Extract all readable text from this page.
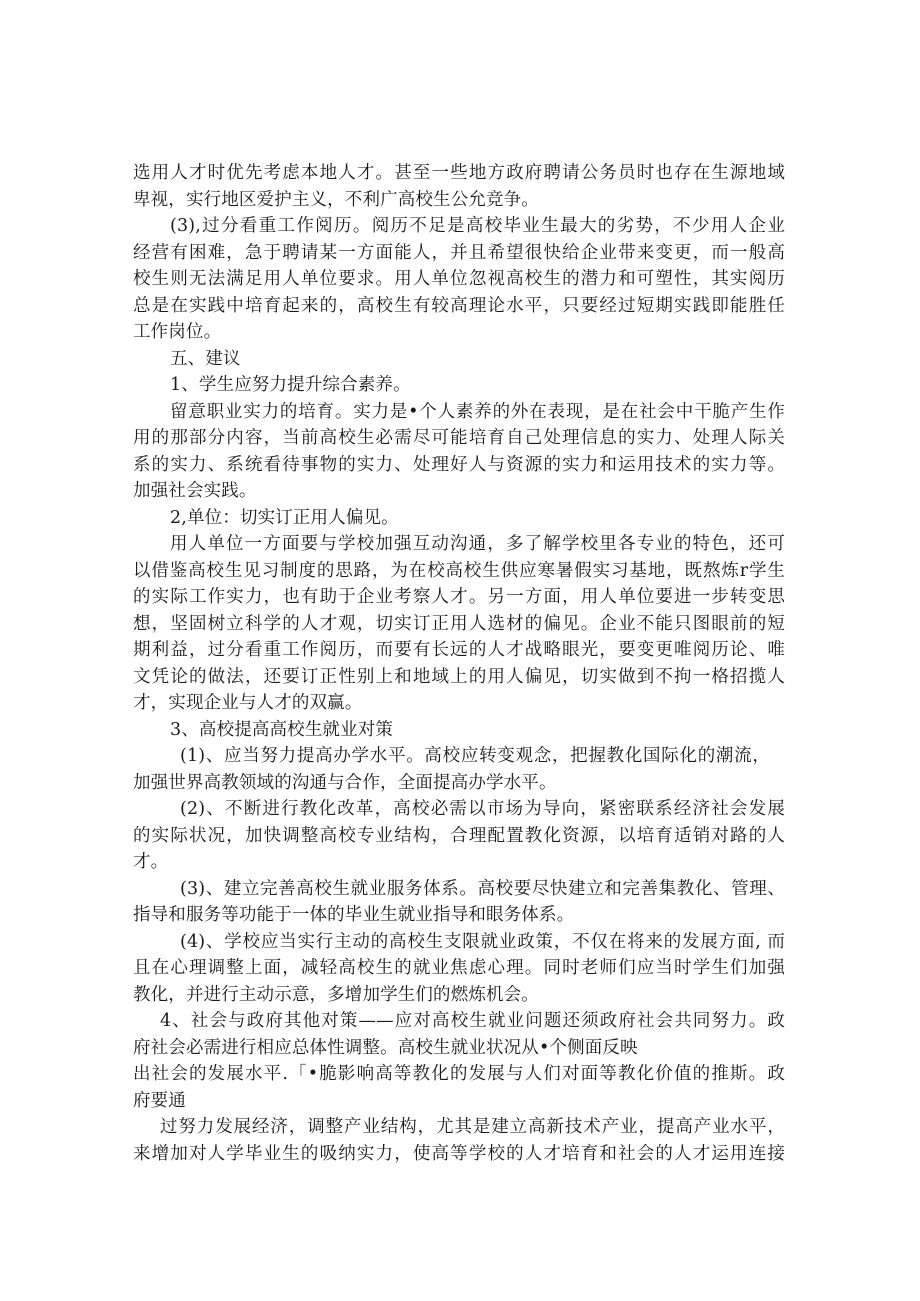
选用人才时优先考虑本地人才。甚至一些地方政府聘请公务员时也存在生源地域

卑视，实行地区爱护主义，不利广高校生公允竞争。

(3),过分看重工作阅历。阅历不足是高校毕业生最大的劣势，不少用人企业

经营有困难，急于聘请某一方面能人，并且希望很快给企业带来变更，而一般高

校生则无法满足用人单位要求。用人单位忽视高校生的潜力和可塑性，其实阅历

总是在实践中培育起来的，高校生有较高理论水平，只要经过短期实践即能胜任

工作岗位。

五、建议

1、学生应努力提升综合素养。

留意职业实力的培育。实力是•个人素养的外在表现，是在社会中干脆产生作

用的那部分内容，当前高校生必需尽可能培育自己处理信息的实力、处理人际关

系的实力、系统看待事物的实力、处理好人与资源的实力和运用技术的实力等。

加强社会实践。

2,单位：切实订正用人偏见。

用人单位一方面要与学校加强互动沟通，多了解学校里各专业的特色，还可

以借鉴高校生见习制度的思路，为在校高校生供应寒暑假实习基地，既熬炼r学生

的实际工作实力，也有助于企业考察人才。另一方面，用人单位要进一步转变思

想，坚固树立科学的人才观，切实订正用人选材的偏见。企业不能只图眼前的短

期利益，过分看重工作阅历，而要有长远的人才战略眼光，要变更唯阅历论、唯

文凭论的做法，还要订正性别上和地域上的用人偏见，切实做到不拘一格招揽人

才，实现企业与人才的双赢。

3、高校提高高校生就业对策

(1)、应当努力提高办学水平。高校应转变观念，把握教化国际化的潮流，

加强世界高教领域的沟通与合作，全面提高办学水平。

(2)、不断进行教化改革，高校必需以市场为导向，紧密联系经济社会发展

的实际状况，加快调整高校专业结构，合理配置教化资源，以培育适销对路的人

才。

(3)、建立完善高校生就业服务体系。高校要尽快建立和完善集教化、管理、

指导和服务等功能于一体的毕业生就业指导和眼务体系。

(4)、学校应当实行主动的高校生支限就业政策，不仅在将来的发展方面, 而

且在心理调整上面，减轻高校生的就业焦虑心理。同时老师们应当时学生们加强

教化，并进行主动示意，多增加学生们的燃炼机会。

4、社会与政府其他对策——应对高校生就业问题还须政府社会共同努力。政

府社会必需进行相应总体性调整。高校生就业状况从•个侧面反映

出社会的发展水平.「•脆影响高等教化的发展与人们对面等教化价值的推斯。政

府要通

过努力发展经济，调整产业结构，尤其是建立高新技术产业，提高产业水平，

来增加对人学毕业生的吸纳实力，使高等学校的人才培育和社会的人才运用连接
